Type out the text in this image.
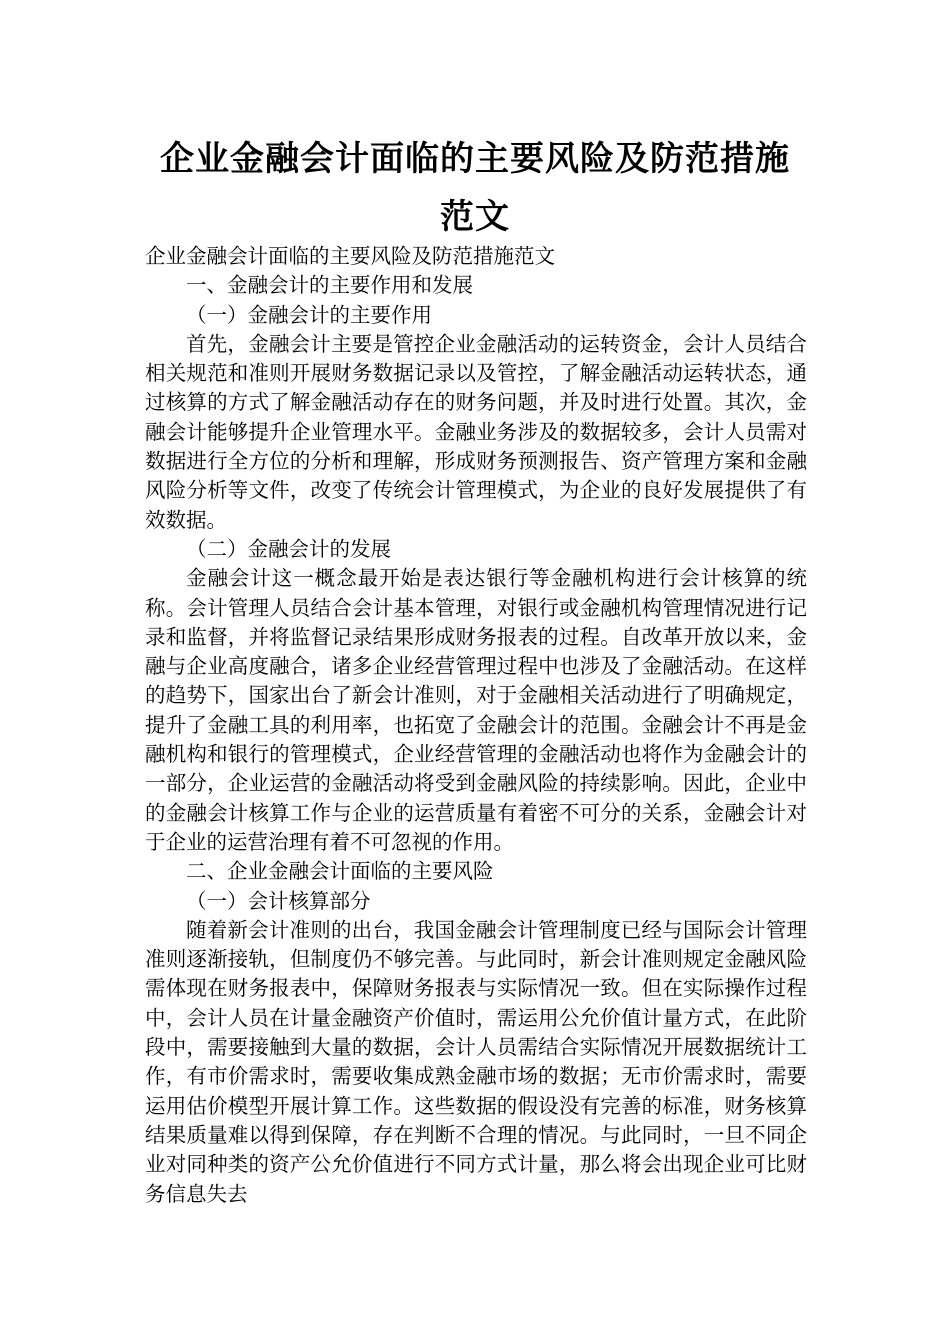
企业金融会计面临的主要风险及防范措施范文

企业金融会计面临的主要风险及防范措施范文

一、金融会计的主要作用和发展

（一）金融会计的主要作用

首先，金融会计主要是管控企业金融活动的运转资金，会计人员结合相关规范和准则开展财务数据记录以及管控，了解金融活动运转状态，通过核算的方式了解金融活动存在的财务问题，并及时进行处置。其次，金融会计能够提升企业管理水平。金融业务涉及的数据较多，会计人员需对数据进行全方位的分析和理解，形成财务预测报告、资产管理方案和金融风险分析等文件，改变了传统会计管理模式，为企业的良好发展提供了有效数据。

（二）金融会计的发展

金融会计这一概念最开始是表达银行等金融机构进行会计核算的统称。会计管理人员结合会计基本管理，对银行或金融机构管理情况进行记录和监督，并将监督记录结果形成财务报表的过程。自改革开放以来，金融与企业高度融合，诸多企业经营管理过程中也涉及了金融活动。在这样的趋势下，国家出台了新会计准则，对于金融相关活动进行了明确规定，提升了金融工具的利用率，也拓宽了金融会计的范围。金融会计不再是金融机构和银行的管理模式，企业经营管理的金融活动也将作为金融会计的一部分，企业运营的金融活动将受到金融风险的持续影响。因此，企业中的金融会计核算工作与企业的运营质量有着密不可分的关系，金融会计对于企业的运营治理有着不可忽视的作用。

二、企业金融会计面临的主要风险

（一）会计核算部分

随着新会计准则的出台，我国金融会计管理制度已经与国际会计管理准则逐渐接轨，但制度仍不够完善。与此同时，新会计准则规定金融风险需体现在财务报表中，保障财务报表与实际情况一致。但在实际操作过程中，会计人员在计量金融资产价值时，需运用公允价值计量方式，在此阶段中，需要接触到大量的数据，会计人员需结合实际情况开展数据统计工作，有市价需求时，需要收集成熟金融市场的数据；无市价需求时，需要运用估价模型开展计算工作。这些数据的假设没有完善的标准，财务核算结果质量难以得到保障，存在判断不合理的情况。与此同时，一旦不同企业对同种类的资产公允价值进行不同方式计量，那么将会出现企业可比财务信息失去
